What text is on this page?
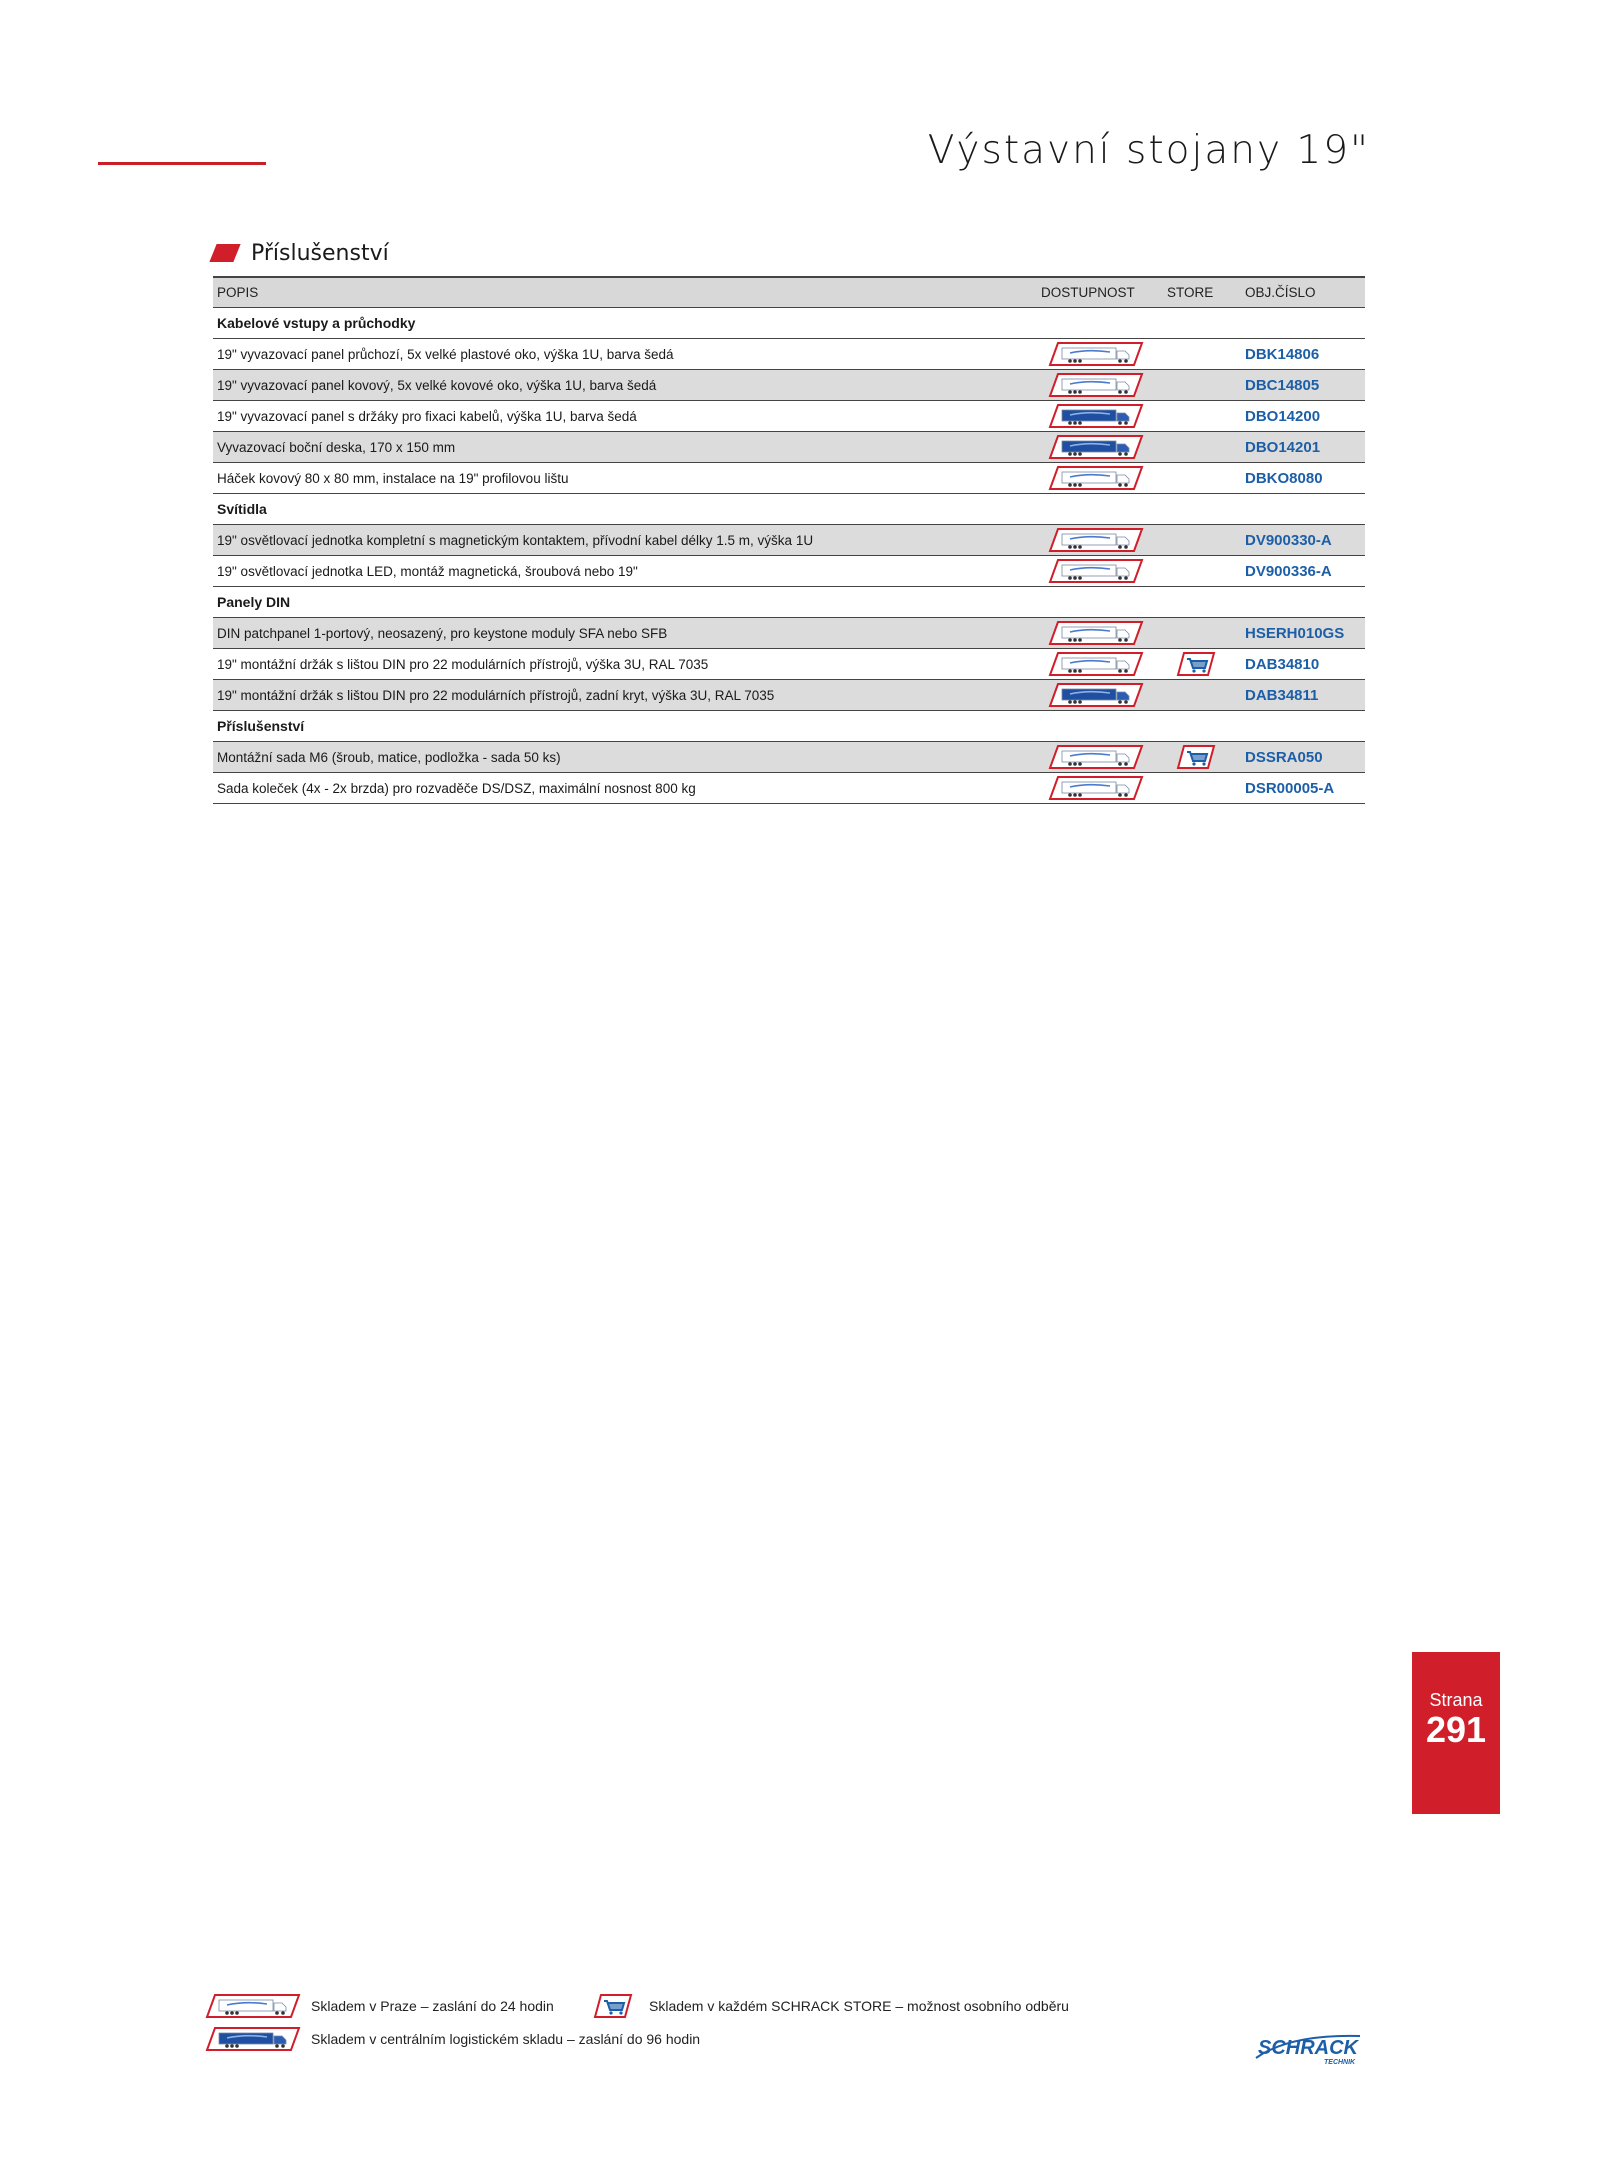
Výstavní stojany 19"
Příslušenství
POPIS	DOSTUPNOST	STORE	OBJ.ČÍSLO
Kabelové vstupy a průchodky
19" vyvazovací panel průchozí, 5x velké plastové oko, výška 1U, barva šedá	DBK14806
19" vyvazovací panel kovový, 5x velké kovové oko, výška 1U, barva šedá	DBC14805
19" vyvazovací panel s držáky pro fixaci kabelů, výška 1U, barva šedá	DBO14200
Vyvazovací boční deska, 170 x 150 mm	DBO14201
Háček kovový 80 x 80 mm, instalace na 19" profilovou lištu	DBKO8080
Svítidla
19" osvětlovací jednotka kompletní s magnetickým kontaktem, přívodní kabel délky 1.5 m, výška 1U	DV900330-A
19" osvětlovací jednotka LED, montáž magnetická, šroubová nebo 19"	DV900336-A
Panely DIN
DIN patchpanel 1-portový, neosazený, pro keystone moduly SFA nebo SFB	HSERH010GS
19" montážní držák s lištou DIN pro 22 modulárních přístrojů, výška 3U, RAL 7035	DAB34810
19" montážní držák s lištou DIN pro 22 modulárních přístrojů, zadní kryt, výška 3U, RAL 7035	DAB34811
Příslušenství
Montážní sada M6 (šroub, matice, podložka - sada 50 ks)	DSSRA050
Sada koleček (4x - 2x brzda) pro rozvaděče DS/DSZ, maximální nosnost 800 kg	DSR00005-A
Skladem v Praze – zaslání do 24 hodin	Skladem v každém SCHRACK STORE – možnost osobního odběru
Skladem v centrálním logistickém skladu – zaslání do 96 hodin
Strana
291
SCHRACK
TECHNIK
